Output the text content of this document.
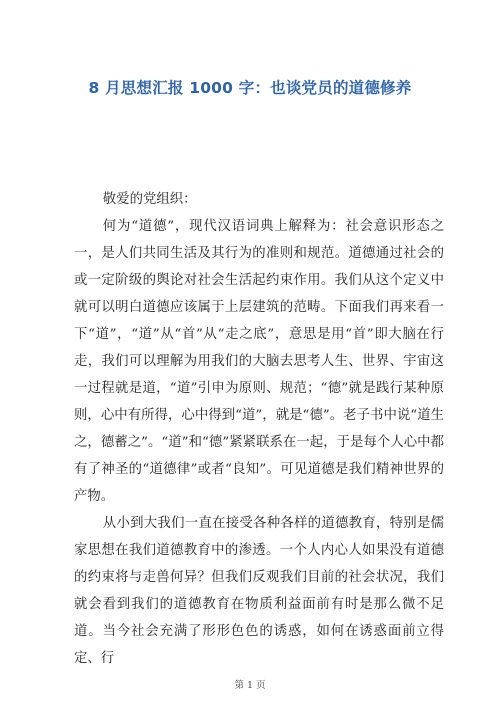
8 月思想汇报 1000 字：也谈党员的道德修养

敬爱的党组织：

何为“道德”，现代汉语词典上解释为：社会意识形态之一，是人们共同生活及其行为的准则和规范。道德通过社会的或一定阶级的舆论对社会生活起约束作用。我们从这个定义中就可以明白道德应该属于上层建筑的范畴。下面我们再来看一下“道”，“道”从“首”从“走之底”，意思是用“首”即大脑在行走，我们可以理解为用我们的大脑去思考人生、世界、宇宙这一过程就是道，“道”引申为原则、规范；“德”就是践行某种原则，心中有所得，心中得到“道”，就是“德”。老子书中说“道生之，德蓄之”。“道”和“德”紧紧联系在一起，于是每个人心中都有了神圣的“道德律”或者“良知”。可见道德是我们精神世界的产物。

从小到大我们一直在接受各种各样的道德教育，特别是儒家思想在我们道德教育中的渗透。一个人内心人如果没有道德的约束将与走兽何异？但我们反观我们目前的社会状况，我们就会看到我们的道德教育在物质利益面前有时是那么微不足道。当今社会充满了形形色色的诱惑，如何在诱惑面前立得定、行

第 1 页
